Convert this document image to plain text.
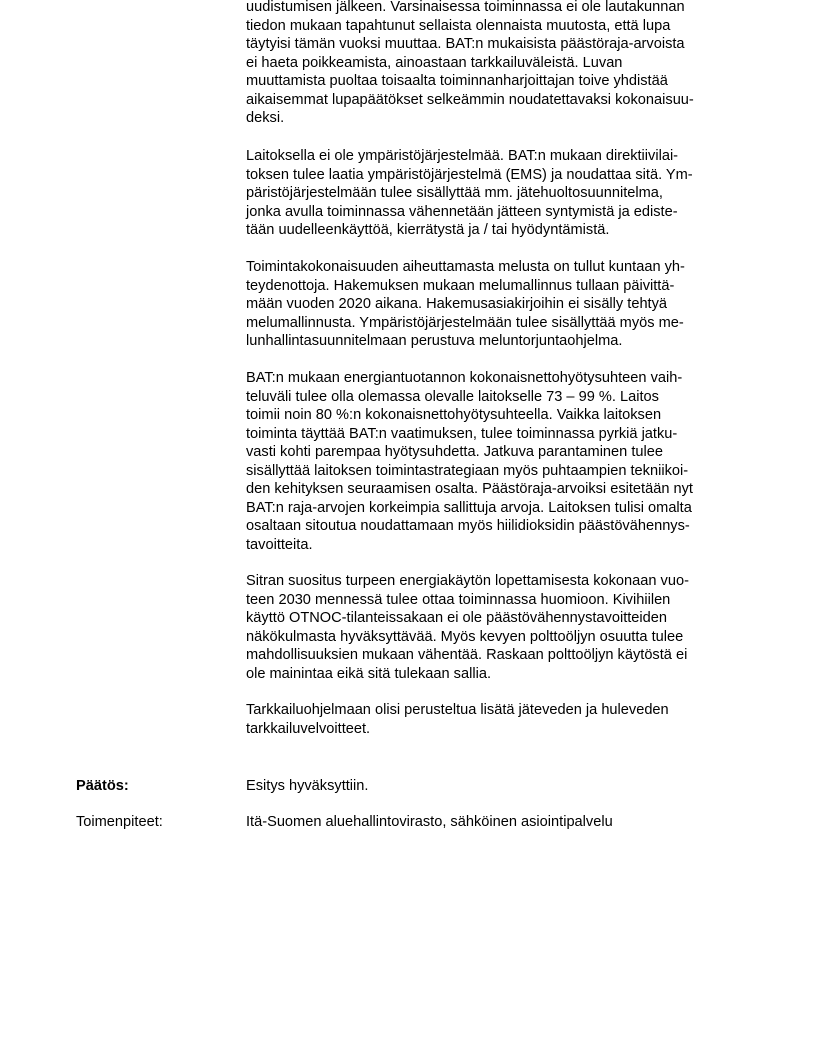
uudistumisen jälkeen. Varsinaisessa toiminnassa ei ole lautakunnan
tiedon mukaan tapahtunut sellaista olennaista muutosta, että lupa
täytyisi tämän vuoksi muuttaa. BAT:n mukaisista päästöraja-arvoista
ei haeta poikkeamista, ainoastaan tarkkailuväleistä. Luvan
muuttamista puoltaa toisaalta toiminnanharjoittajan toive yhdistää
aikaisemmat lupapäätökset selkeämmin noudatettavaksi kokonaisuu-
deksi.

Laitoksella ei ole ympäristöjärjestelmää. BAT:n mukaan direktiivilai-
toksen tulee laatia ympäristöjärjestelmä (EMS) ja noudattaa sitä. Ym-
päristöjärjestelmään tulee sisällyttää mm. jätehuoltosuunnitelma,
jonka avulla toiminnassa vähennetään jätteen syntymistä ja ediste-
tään uudelleenkäyttöä, kierrätystä ja / tai hyödyntämistä.

Toimintakokonaisuuden aiheuttamasta melusta on tullut kuntaan yh-
teydenottoja. Hakemuksen mukaan melumallinnus tullaan päivittä-
mään vuoden 2020 aikana. Hakemusasiakirjoihin ei sisälly tehtyä
melumallinnusta. Ympäristöjärjestelmään tulee sisällyttää myös me-
lunhallintasuunnitelmaan perustuva meluntorjuntaohjelma.

BAT:n mukaan energiantuotannon kokonaisnettohyötysuhteen vaih-
teluväli tulee olla olemassa olevalle laitokselle 73 – 99 %. Laitos
toimii noin 80 %:n kokonaisnettohyötysuhteella. Vaikka laitoksen
toiminta täyttää BAT:n vaatimuksen, tulee toiminnassa pyrkiä jatku-
vasti kohti parempaa hyötysuhdetta. Jatkuva parantaminen tulee
sisällyttää laitoksen toimintastrategiaan myös puhtaampien tekniikoi-
den kehityksen seuraamisen osalta. Päästöraja-arvoiksi esitetään nyt
BAT:n raja-arvojen korkeimpia sallittuja arvoja. Laitoksen tulisi omalta
osaltaan sitoutua noudattamaan myös hiilidioksidin päästövähennys-
tavoitteita.

Sitran suositus turpeen energiakäytön lopettamisesta kokonaan vuo-
teen 2030 mennessä tulee ottaa toiminnassa huomioon. Kivihiilen
käyttö OTNOC-tilanteissakaan ei ole päästövähennystavoitteiden
näkökulmasta hyväksyttävää. Myös kevyen polttoöljyn osuutta tulee
mahdollisuuksien mukaan vähentää. Raskaan polttoöljyn käytöstä ei
ole mainintaa eikä sitä tulekaan sallia.

Tarkkailuohjelmaan olisi perusteltua lisätä jäteveden ja huleveden
tarkkailuvelvoitteet.

Päätös:	Esitys hyväksyttiin.
Toimenpiteet:	Itä-Suomen aluehallintovirasto, sähköinen asiointipalvelu
